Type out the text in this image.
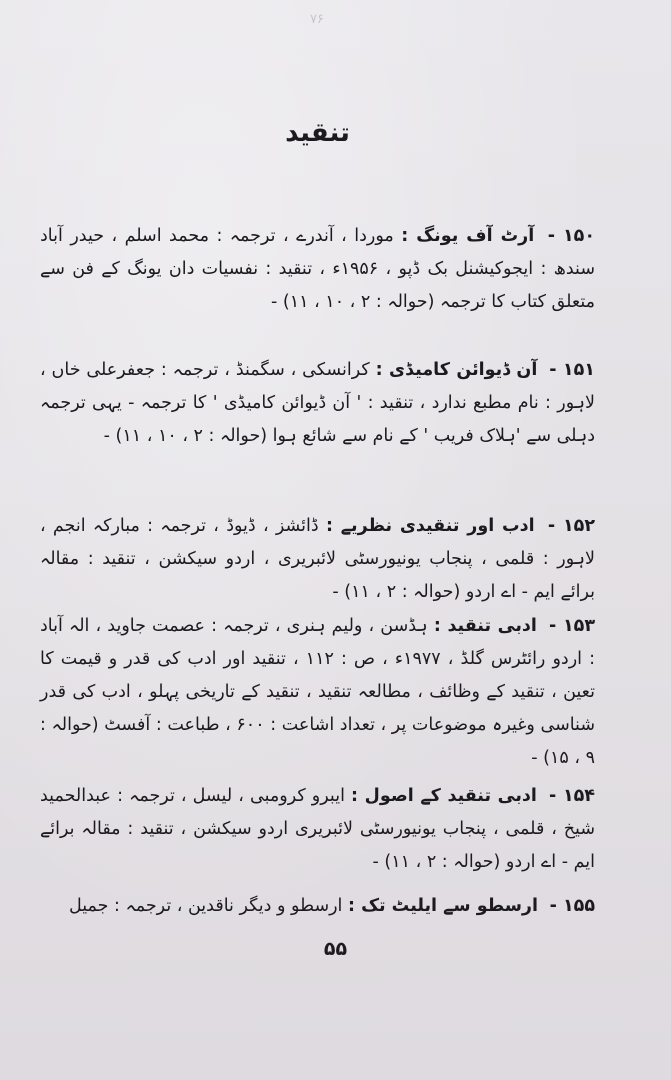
۷۶
تنقید
۱۵۰ - آرٹ آف یونگ : موردا ، آندرے ، ترجمہ : محمد اسلم ، حیدر آباد سندھ : ایجوکیشنل بک ڈپو ، ۱۹۵۶ء ، تنقید : نفسیات دان یونگ کے فن سے متعلق کتاب کا ترجمہ (حوالہ : ۲ ، ۱۰ ، ۱۱) -
۱۵۱ - آن ڈیوائن کامیڈی : کرانسکی ، سگمنڈ ، ترجمہ : جعفرعلی خاں ، لاہور : نام مطبع ندارد ، تنقید : ' آن ڈیوائن کامیڈی ' کا ترجمہ - یہی ترجمہ دہلی سے 'ہلاک فریب ' کے نام سے شائع ہوا (حوالہ : ۲ ، ۱۰ ، ۱۱) -
۱۵۲ - ادب اور تنقیدی نظریے : ڈائشز ، ڈیوڈ ، ترجمہ : مبارکہ انجم ، لاہور : قلمی ، پنجاب یونیورسٹی لائبریری ، اردو سیکشن ، تنقید : مقالہ برائے ایم - اے اردو (حوالہ : ۲ ، ۱۱) -
۱۵۳ - ادبی تنقید : ہڈسن ، ولیم ہنری ، ترجمہ : عصمت جاوید ، الہ آباد : اردو رائٹرس گلڈ ، ۱۹۷۷ء ، ص : ۱۱۲ ، تنقید اور ادب کی قدر و قیمت کا تعین ، تنقید کے وظائف ، مطالعہ تنقید ، تنقید کے تاریخی پہلو ، ادب کی قدر شناسی وغیرہ موضوعات پر ، تعداد اشاعت : ۶۰۰ ، طباعت : آفسٹ (حوالہ : ۹ ، ۱۵) -
۱۵۴ - ادبی تنقید کے اصول : ایبرو کرومبی ، لیسل ، ترجمہ : عبدالحمید شیخ ، قلمی ، پنجاب یونیورسٹی لائبریری اردو سیکشن ، تنقید : مقالہ برائے ایم - اے اردو (حوالہ : ۲ ، ۱۱) -
۱۵۵ - ارسطو سے ایلیٹ تک : ارسطو و دیگر ناقدین ، ترجمہ : جمیل
۵۵
